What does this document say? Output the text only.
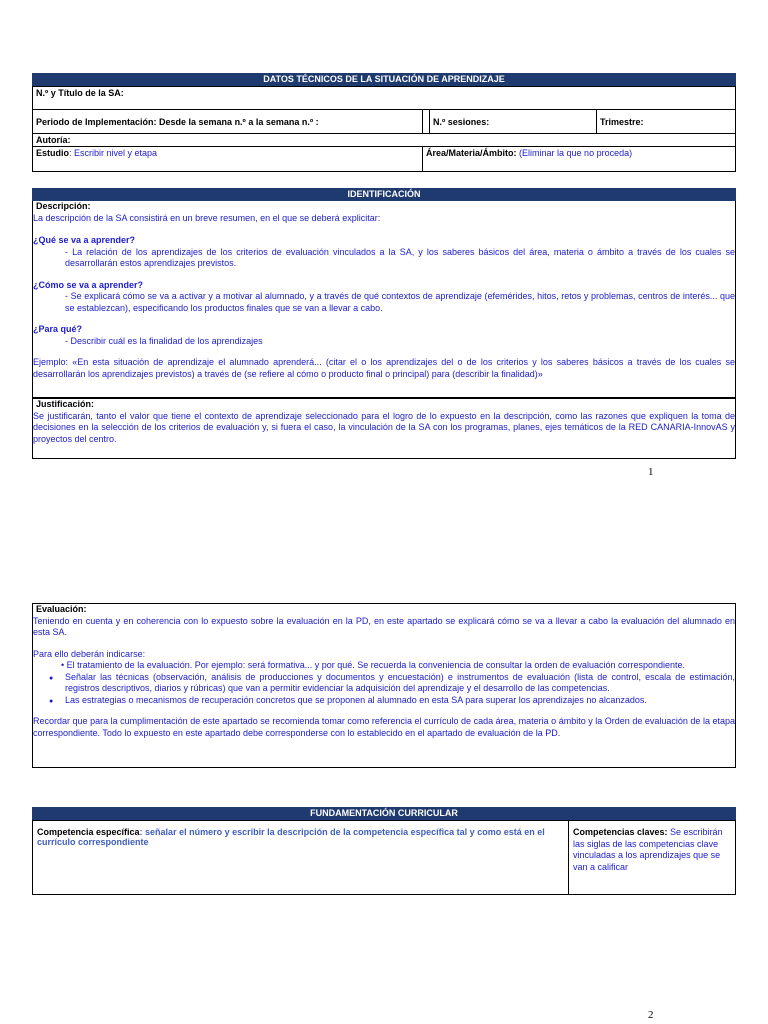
DATOS TÉCNICOS DE LA SITUACIÓN DE APRENDIZAJE
N.º y Título de la SA:			
Periodo de Implementación: Desde la semana n.º a la semana n.º :		N.º sesiones:	Trimestre:
Autoría:			
Estudio: Escribir nivel y etapa	Área/Materia/Ámbito: (Eliminar la que no proceda)		
IDENTIFICACIÓN
Descripción:
La descripción de la SA consistirá en un breve resumen, en el que se deberá explicitar:
¿Qué se va a aprender?
- La relación de los aprendizajes de los criterios de evaluación vinculados a la SA, y los saberes básicos del área, materia o ámbito a través de los cuales se desarrollarán estos aprendizajes previstos.
¿Cómo se va a aprender?
- Se explicará cómo se va a activar y a motivar al alumnado, y a través de qué contextos de aprendizaje (efemérides, hitos, retos y problemas, centros de interés... que se establezcan), especificando los productos finales que se van a llevar a cabo.
¿Para qué?
- Describir cuál es la finalidad de los aprendizajes
Ejemplo: «En esta situación de aprendizaje el alumnado aprenderá... (citar el o los aprendizajes del o de los criterios y los saberes básicos a través de los cuales se desarrollarán los aprendizajes previstos) a través de (se refiere al cómo o producto final o principal) para (describir la finalidad)»
Justificación:
Se justificarán, tanto el valor que tiene el contexto de aprendizaje seleccionado para el logro de lo expuesto en la descripción, como las razones que expliquen la toma de decisiones en la selección de los criterios de evaluación y, si fuera el caso, la vinculación de la SA con los programas, planes, ejes temáticos de la RED CANARIA-InnovAS y proyectos del centro.
1
Evaluación:
Teniendo en cuenta y en coherencia con lo expuesto sobre la evaluación en la PD, en este apartado se explicará cómo se va a llevar a cabo la evaluación del alumnado en esta SA.
Para ello deberán indicarse:
• El tratamiento de la evaluación. Por ejemplo: será formativa... y por qué. Se recuerda la conveniencia de consultar la orden de evaluación correspondiente.
● Señalar las técnicas (observación, análisis de producciones y documentos y encuestación) e instrumentos de evaluación (lista de control, escala de estimación, registros descriptivos, diarios y rúbricas) que van a permitir evidenciar la adquisición del aprendizaje y el desarrollo de las competencias.
● Las estrategias o mecanismos de recuperación concretos que se proponen al alumnado en esta SA para superar los aprendizajes no alcanzados.
Recordar que para la cumplimentación de este apartado se recomienda tomar como referencia el currículo de cada área, materia o ámbito y la Orden de evaluación de la etapa correspondiente. Todo lo expuesto en este apartado debe corresponderse con lo establecido en el apartado de evaluación de la PD.
FUNDAMENTACIÓN CURRICULAR
Competencia específica: señalar el número y escribir la descripción de la competencia específica tal y como está en el currículo correspondiente	Competencias claves: Se escribirán las siglas de las competencias clave vinculadas a los aprendizajes que se van a calificar
2
